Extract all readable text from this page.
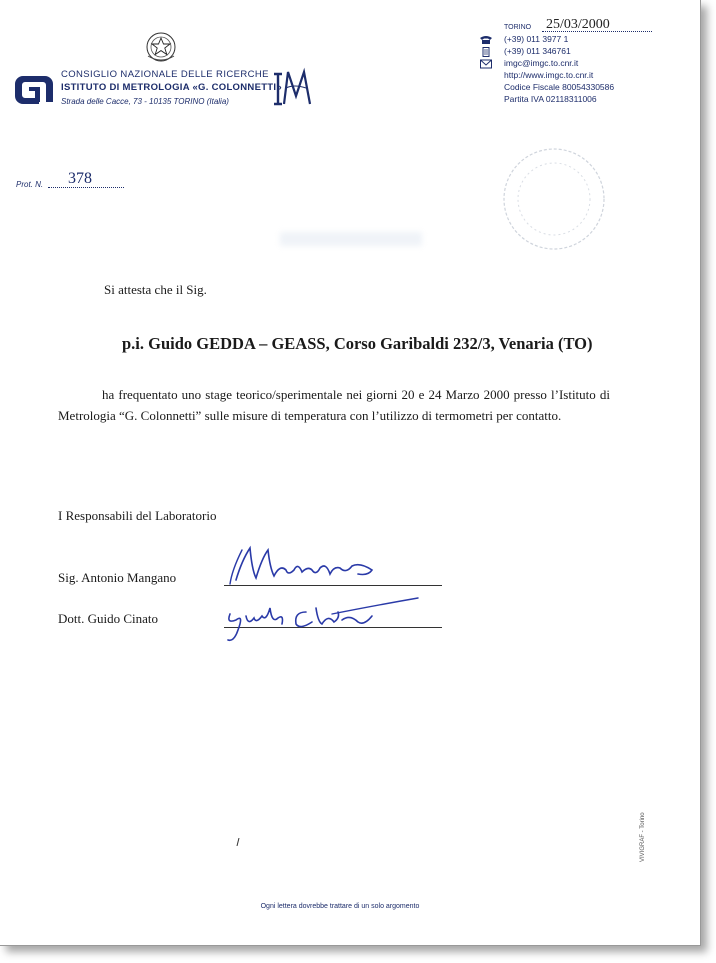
CONSIGLIO NAZIONALE DELLE RICERCHE
ISTITUTO DI METROLOGIA «G. COLONNETTI»
Strada delle Cacce, 73 - 10135 TORINO (Italia)
TORINO 25/03/2000
(+39) 011 3977 1
(+39) 011 346761
imgc@imgc.to.cnr.it
http://www.imgc.to.cnr.it
Codice Fiscale 80054330586
Partita IVA 02118311006
Prot. N. 378
Si attesta che il Sig.
p.i. Guido GEDDA – GEASS, Corso Garibaldi 232/3, Venaria (TO)
ha frequentato uno stage teorico/sperimentale nei giorni 20 e 24 Marzo 2000 presso l’Istituto di Metrologia “G. Colonnetti” sulle misure di temperatura con l’utilizzo di termometri per contatto.
I Responsabili del Laboratorio
Sig. Antonio Mangano
Dott. Guido Cinato
Ogni lettera dovrebbe trattare di un solo argomento
VIVIGRAF - Torino
